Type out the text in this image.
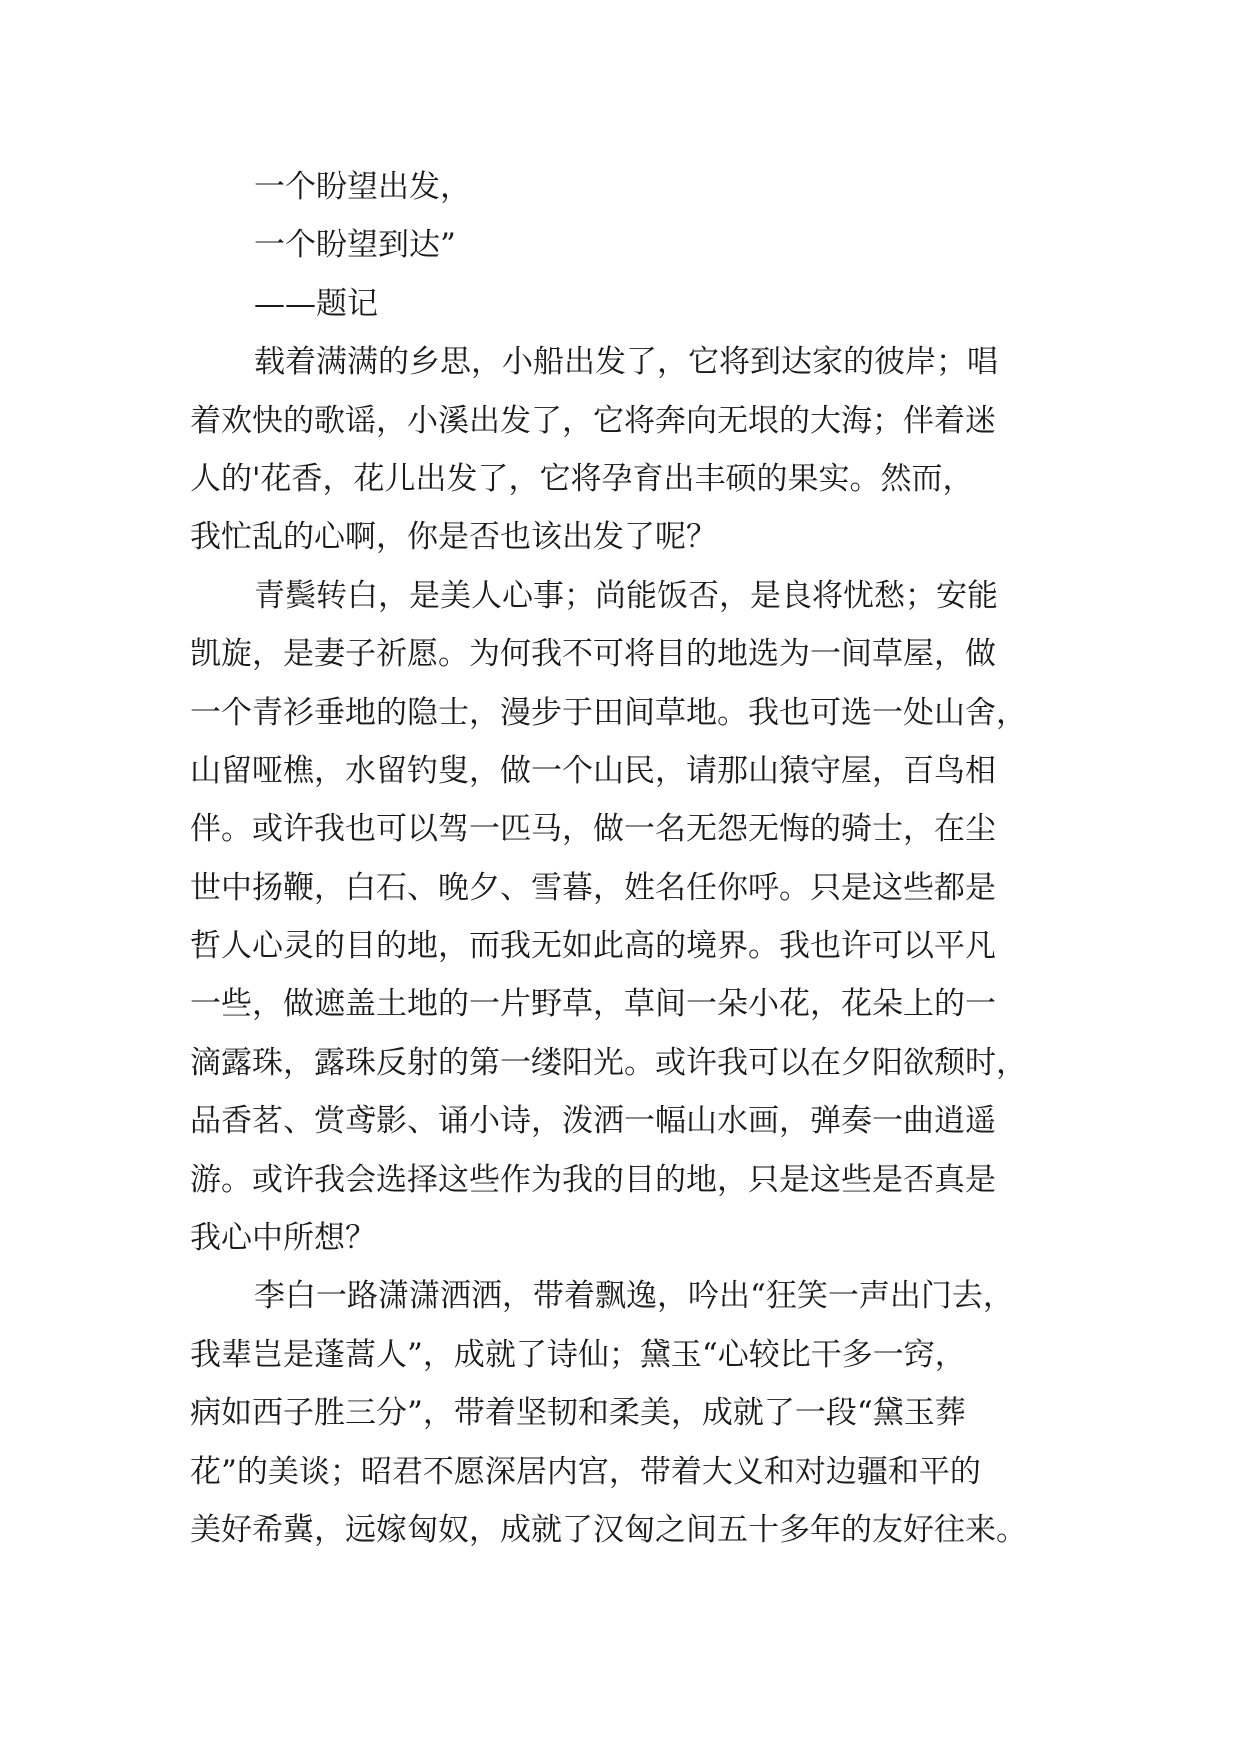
一个盼望出发，
一个盼望到达”
——题记
载着满满的乡思，小船出发了，它将到达家的彼岸；唱
着欢快的歌谣，小溪出发了，它将奔向无垠的大海；伴着迷
人的'花香，花儿出发了，它将孕育出丰硕的果实。然而，
我忙乱的心啊，你是否也该出发了呢？
青鬓转白，是美人心事；尚能饭否，是良将忧愁；安能
凯旋，是妻子祈愿。为何我不可将目的地选为一间草屋，做
一个青衫垂地的隐士，漫步于田间草地。我也可选一处山舍，
山留哑樵，水留钓叟，做一个山民，请那山猿守屋，百鸟相
伴。或许我也可以驾一匹马，做一名无怨无悔的骑士，在尘
世中扬鞭，白石、晚夕、雪暮，姓名任你呼。只是这些都是
哲人心灵的目的地，而我无如此高的境界。我也许可以平凡
一些，做遮盖土地的一片野草，草间一朵小花，花朵上的一
滴露珠，露珠反射的第一缕阳光。或许我可以在夕阳欲颓时，
品香茗、赏鸢影、诵小诗，泼洒一幅山水画，弹奏一曲逍遥
游。或许我会选择这些作为我的目的地，只是这些是否真是
我心中所想？
李白一路潇潇洒洒，带着飘逸，吟出“狂笑一声出门去，
我辈岂是蓬蒿人”，成就了诗仙；黛玉“心较比干多一窍，
病如西子胜三分”，带着坚韧和柔美，成就了一段“黛玉葬
花”的美谈；昭君不愿深居内宫，带着大义和对边疆和平的
美好希冀，远嫁匈奴，成就了汉匈之间五十多年的友好往来。
